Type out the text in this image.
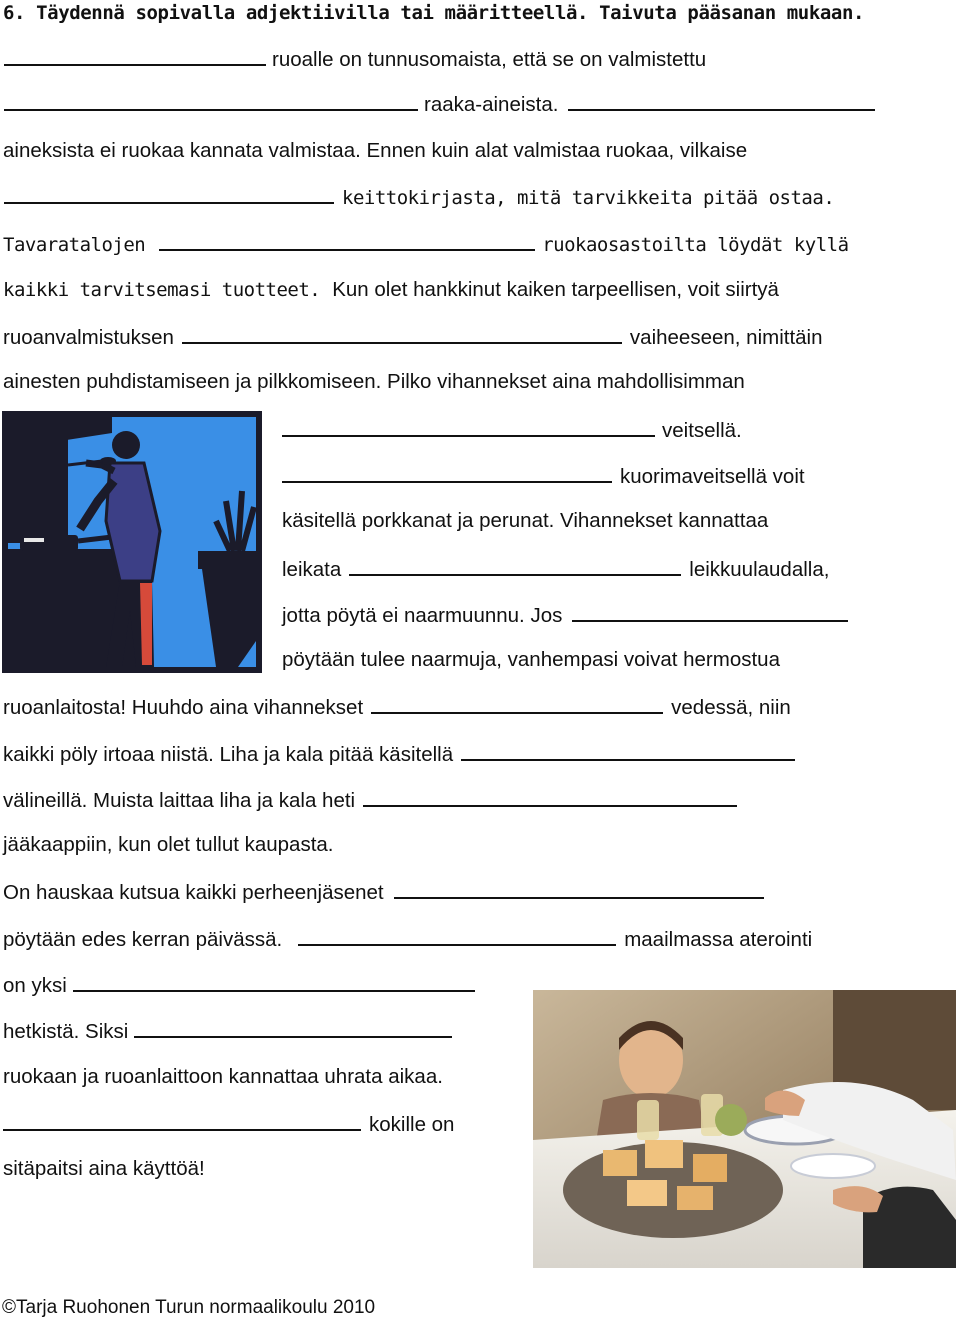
6. Täydennä sopivalla adjektiivilla tai määritteellä. Taivuta pääsanan mukaan.
ruoalle on tunnusomaista, että se on valmistettu
raaka-aineista.
aineksista ei ruokaa kannata valmistaa. Ennen kuin alat valmistaa ruokaa, vilkaise
keittokirjasta, mitä tarvikkeita pitää ostaa.
Tavaratalojen	ruokaosastoilta löydät kyllä
kaikki tarvitsemasi tuotteet. Kun olet hankkinut kaiken tarpeellisen, voit siirtyä
ruoanvalmistuksen	vaiheeseen, nimittäin
ainesten puhdistamiseen ja pilkkomiseen. Pilko vihannekset aina mahdollisimman
veitsellä.
kuorimaveitsellä voit
käsitellä porkkanat ja perunat. Vihannekset kannattaa
leikata	leikkuulaudalla,
jotta pöytä ei naarmuunnu. Jos
pöytään tulee naarmuja, vanhempasi voivat hermostua
ruoanlaitosta! Huuhdo aina vihannekset	vedessä, niin
kaikki pöly irtoaa niistä. Liha ja kala pitää käsitellä
välineillä. Muista laittaa liha ja kala heti
jääkaappiin, kun olet tullut kaupasta.
On hauskaa kutsua kaikki perheenjäsenet
pöytään edes kerran päivässä.	maailmassa aterointi
on yksi
hetkistä. Siksi
ruokaan ja ruoanlaittoon kannattaa uhrata aikaa.
kokille on
sitäpaitsi aina käyttöä!
©Tarja Ruohonen Turun normaalikoulu 2010
